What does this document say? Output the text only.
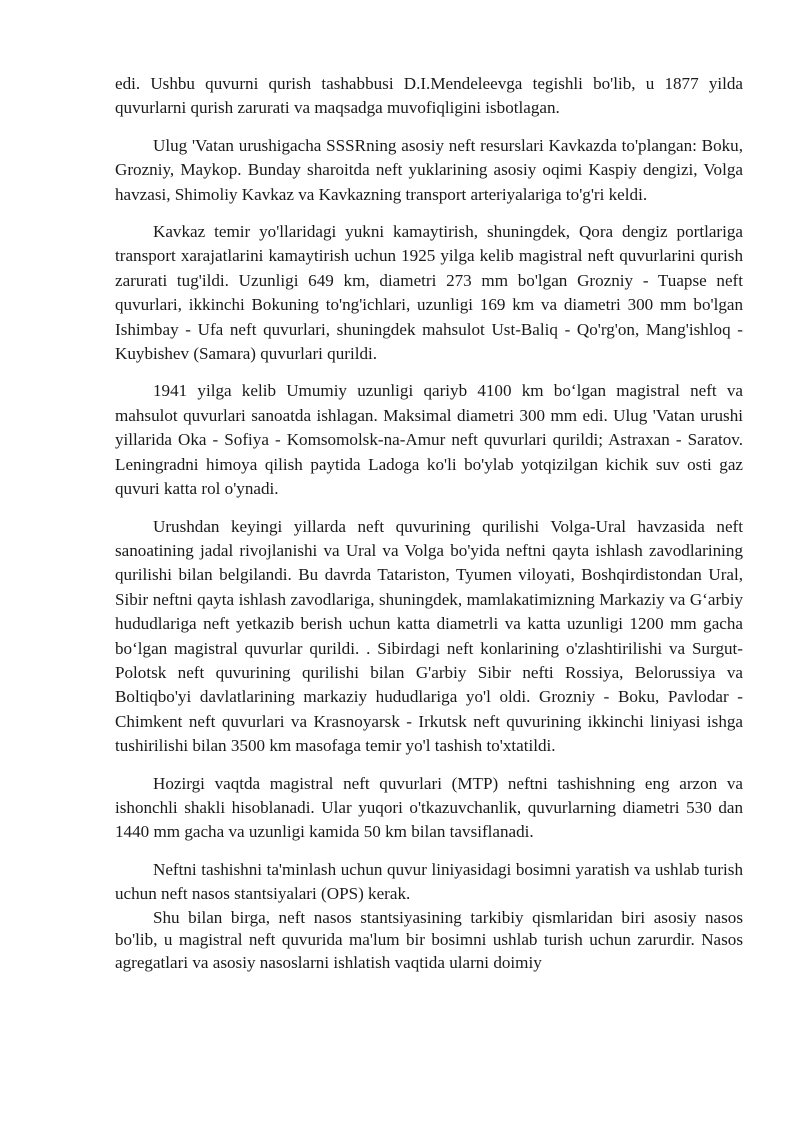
edi. Ushbu quvurni qurish tashabbusi D.I.Mendeleevga tegishli bo'lib, u 1877 yilda quvurlarni qurish zarurati va maqsadga muvofiqligini isbotlagan.

Ulug 'Vatan urushigacha SSSRning asosiy neft resurslari Kavkazda to'plangan: Boku, Grozniy, Maykop. Bunday sharoitda neft yuklarining asosiy oqimi Kaspiy dengizi, Volga havzasi, Shimoliy Kavkaz va Kavkazning transport arteriyalariga to'g'ri keldi.

Kavkaz temir yo'llaridagi yukni kamaytirish, shuningdek, Qora dengiz portlariga transport xarajatlarini kamaytirish uchun 1925 yilga kelib magistral neft quvurlarini qurish zarurati tug'ildi. Uzunligi 649 km, diametri 273 mm bo'lgan Grozniy - Tuapse neft quvurlari, ikkinchi Bokuning to'ng'ichlari, uzunligi 169 km va diametri 300 mm bo'lgan Ishimbay - Ufa neft quvurlari, shuningdek mahsulot Ust-Baliq - Qo'rg'on, Mang'ishloq - Kuybishev (Samara) quvurlari qurildi.

1941 yilga kelib Umumiy uzunligi qariyb 4100 km bo‘lgan magistral neft va mahsulot quvurlari sanoatda ishlagan. Maksimal diametri 300 mm edi. Ulug 'Vatan urushi yillarida Oka - Sofiya - Komsomolsk-na-Amur neft quvurlari qurildi; Astraxan - Saratov. Leningradni himoya qilish paytida Ladoga ko'li bo'ylab yotqizilgan kichik suv osti gaz quvuri katta rol o'ynadi.

Urushdan keyingi yillarda neft quvurining qurilishi Volga-Ural havzasida neft sanoatining jadal rivojlanishi va Ural va Volga bo'yida neftni qayta ishlash zavodlarining qurilishi bilan belgilandi. Bu davrda Tatariston, Tyumen viloyati, Boshqirdistondan Ural, Sibir neftni qayta ishlash zavodlariga, shuningdek, mamlakatimizning Markaziy va G‘arbiy hududlariga neft yetkazib berish uchun katta diametrli va katta uzunligi 1200 mm gacha bo‘lgan magistral quvurlar qurildi. . Sibirdagi neft konlarining o'zlashtirilishi va Surgut-Polotsk neft quvurining qurilishi bilan G'arbiy Sibir nefti Rossiya, Belorussiya va Boltiqbo'yi davlatlarining markaziy hududlariga yo'l oldi. Grozniy - Boku, Pavlodar - Chimkent neft quvurlari va Krasnoyarsk - Irkutsk neft quvurining ikkinchi liniyasi ishga tushirilishi bilan 3500 km masofaga temir yo'l tashish to'xtatildi.

Hozirgi vaqtda magistral neft quvurlari (MTP) neftni tashishning eng arzon va ishonchli shakli hisoblanadi. Ular yuqori o'tkazuvchanlik, quvurlarning diametri 530 dan 1440 mm gacha va uzunligi kamida 50 km bilan tavsiflanadi.

Neftni tashishni ta'minlash uchun quvur liniyasidagi bosimni yaratish va ushlab turish uchun neft nasos stantsiyalari (OPS) kerak.

Shu bilan birga, neft nasos stantsiyasining tarkibiy qismlaridan biri asosiy nasos bo'lib, u magistral neft quvurida ma'lum bir bosimni ushlab turish uchun zarurdir. Nasos agregatlari va asosiy nasoslarni ishlatish vaqtida ularni doimiy
